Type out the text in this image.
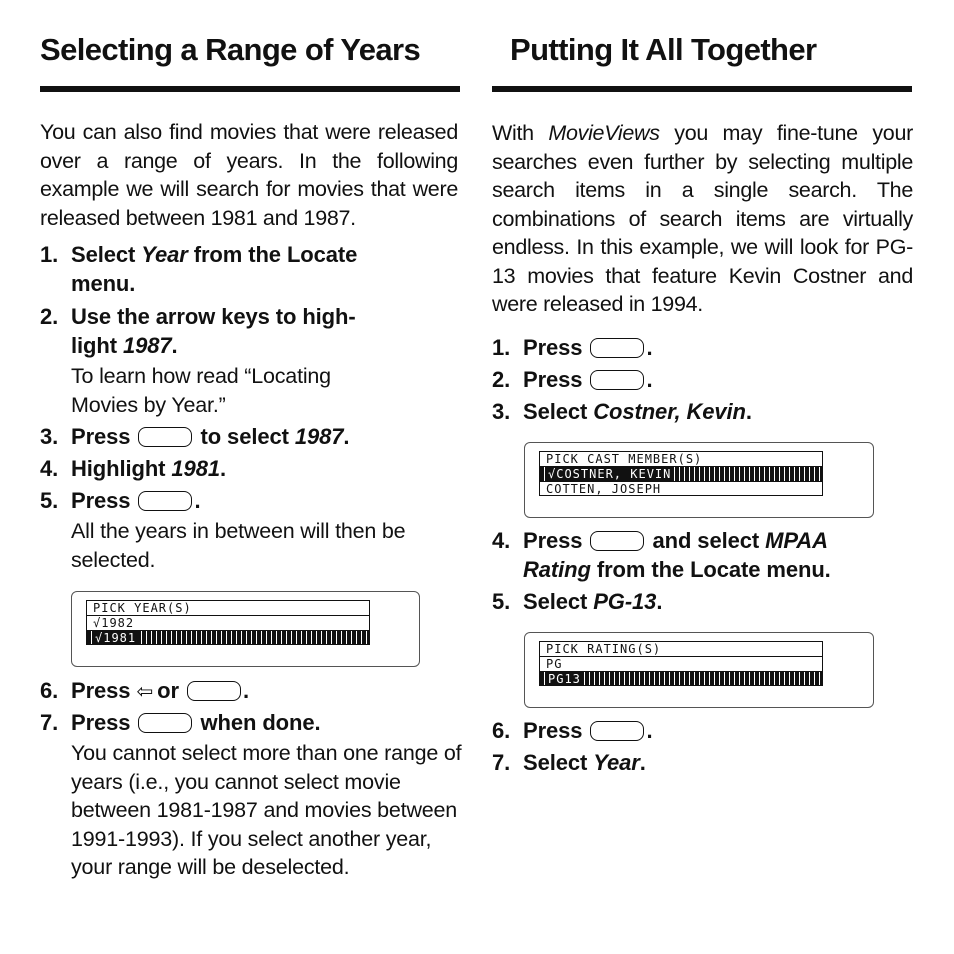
Selecting a Range of Years
You can also find movies that were released over a range of years. In the following example we will search for movies that were released between 1981 and 1987.
1. Select Year from the Locate
menu.
2. Use the arrow keys to high-
light 1987.
To learn how read “Locating Movies by Year.”
3. Press	to select 1987.
4. Highlight 1981.
5. Press	.
All the years in between will then be selected.
PICK YEAR(S)
√1982
√1981
6. Press ⇦ or	.
7. Press	when done.
You cannot select more than one range of years (i.e., you cannot select movie between 1981-1987 and movies between 1991-1993). If you select another year, your range will be deselected.
Putting It All Together
With MovieViews you may fine-tune your searches even further by selecting multiple search items in a single search. The combinations of search items are virtually endless. In this example, we will look for PG-13 movies that feature Kevin Costner and were released in 1994.
1. Press	.
2. Press	.
3. Select Costner, Kevin.
PICK CAST MEMBER(S)
√COSTNER, KEVIN
COTTEN, JOSEPH
4. Press	and select MPAA
Rating from the Locate menu.
5. Select PG-13.
PICK RATING(S)
PG
PG13
6. Press	.
7. Select Year.
